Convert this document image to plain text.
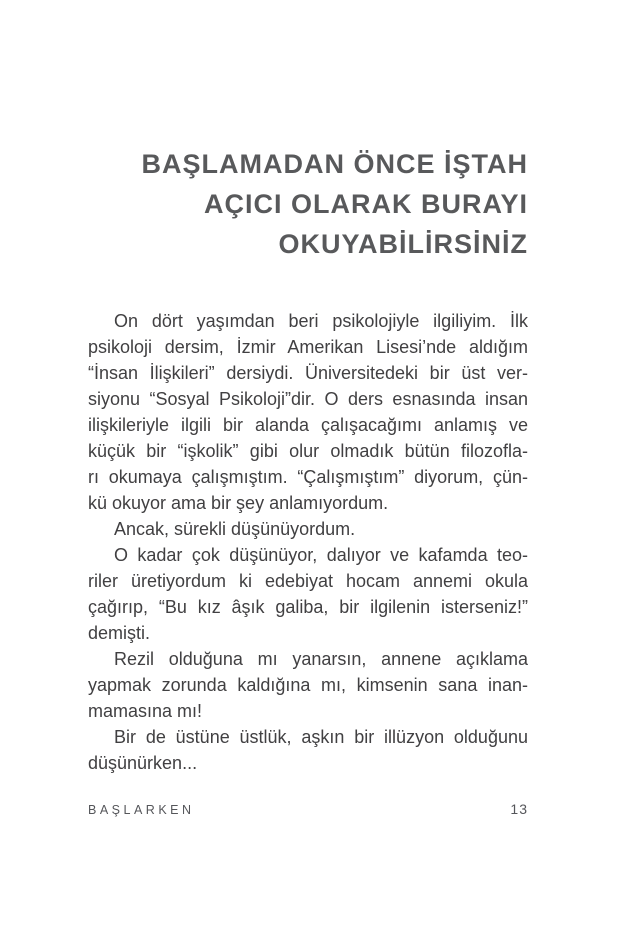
BAŞLAMADAN ÖNCE İŞTAH
AÇICI OLARAK BURAYI
OKUYABİLİRSİNİZ
On dört yaşımdan beri psikolojiyle ilgiliyim. İlk
psikoloji dersim, İzmir Amerikan Lisesi’nde aldığım
“İnsan İlişkileri” dersiydi. Üniversitedeki bir üst ver-
siyonu “Sosyal Psikoloji”dir. O ders esnasında insan
ilişkileriyle ilgili bir alanda çalışacağımı anlamış ve
küçük bir “işkolik” gibi olur olmadık bütün filozofla-
rı okumaya çalışmıştım. “Çalışmıştım” diyorum, çün-
kü okuyor ama bir şey anlamıyordum.
Ancak, sürekli düşünüyordum.
O kadar çok düşünüyor, dalıyor ve kafamda teo-
riler üretiyordum ki edebiyat hocam annemi okula
çağırıp, “Bu kız âşık galiba, bir ilgilenin isterseniz!”
demişti.
Rezil olduğuna mı yanarsın, annene açıklama
yapmak zorunda kaldığına mı, kimsenin sana inan-
mamasına mı!
Bir de üstüne üstlük, aşkın bir illüzyon olduğunu
düşünürken...
BAŞLARKEN	13
